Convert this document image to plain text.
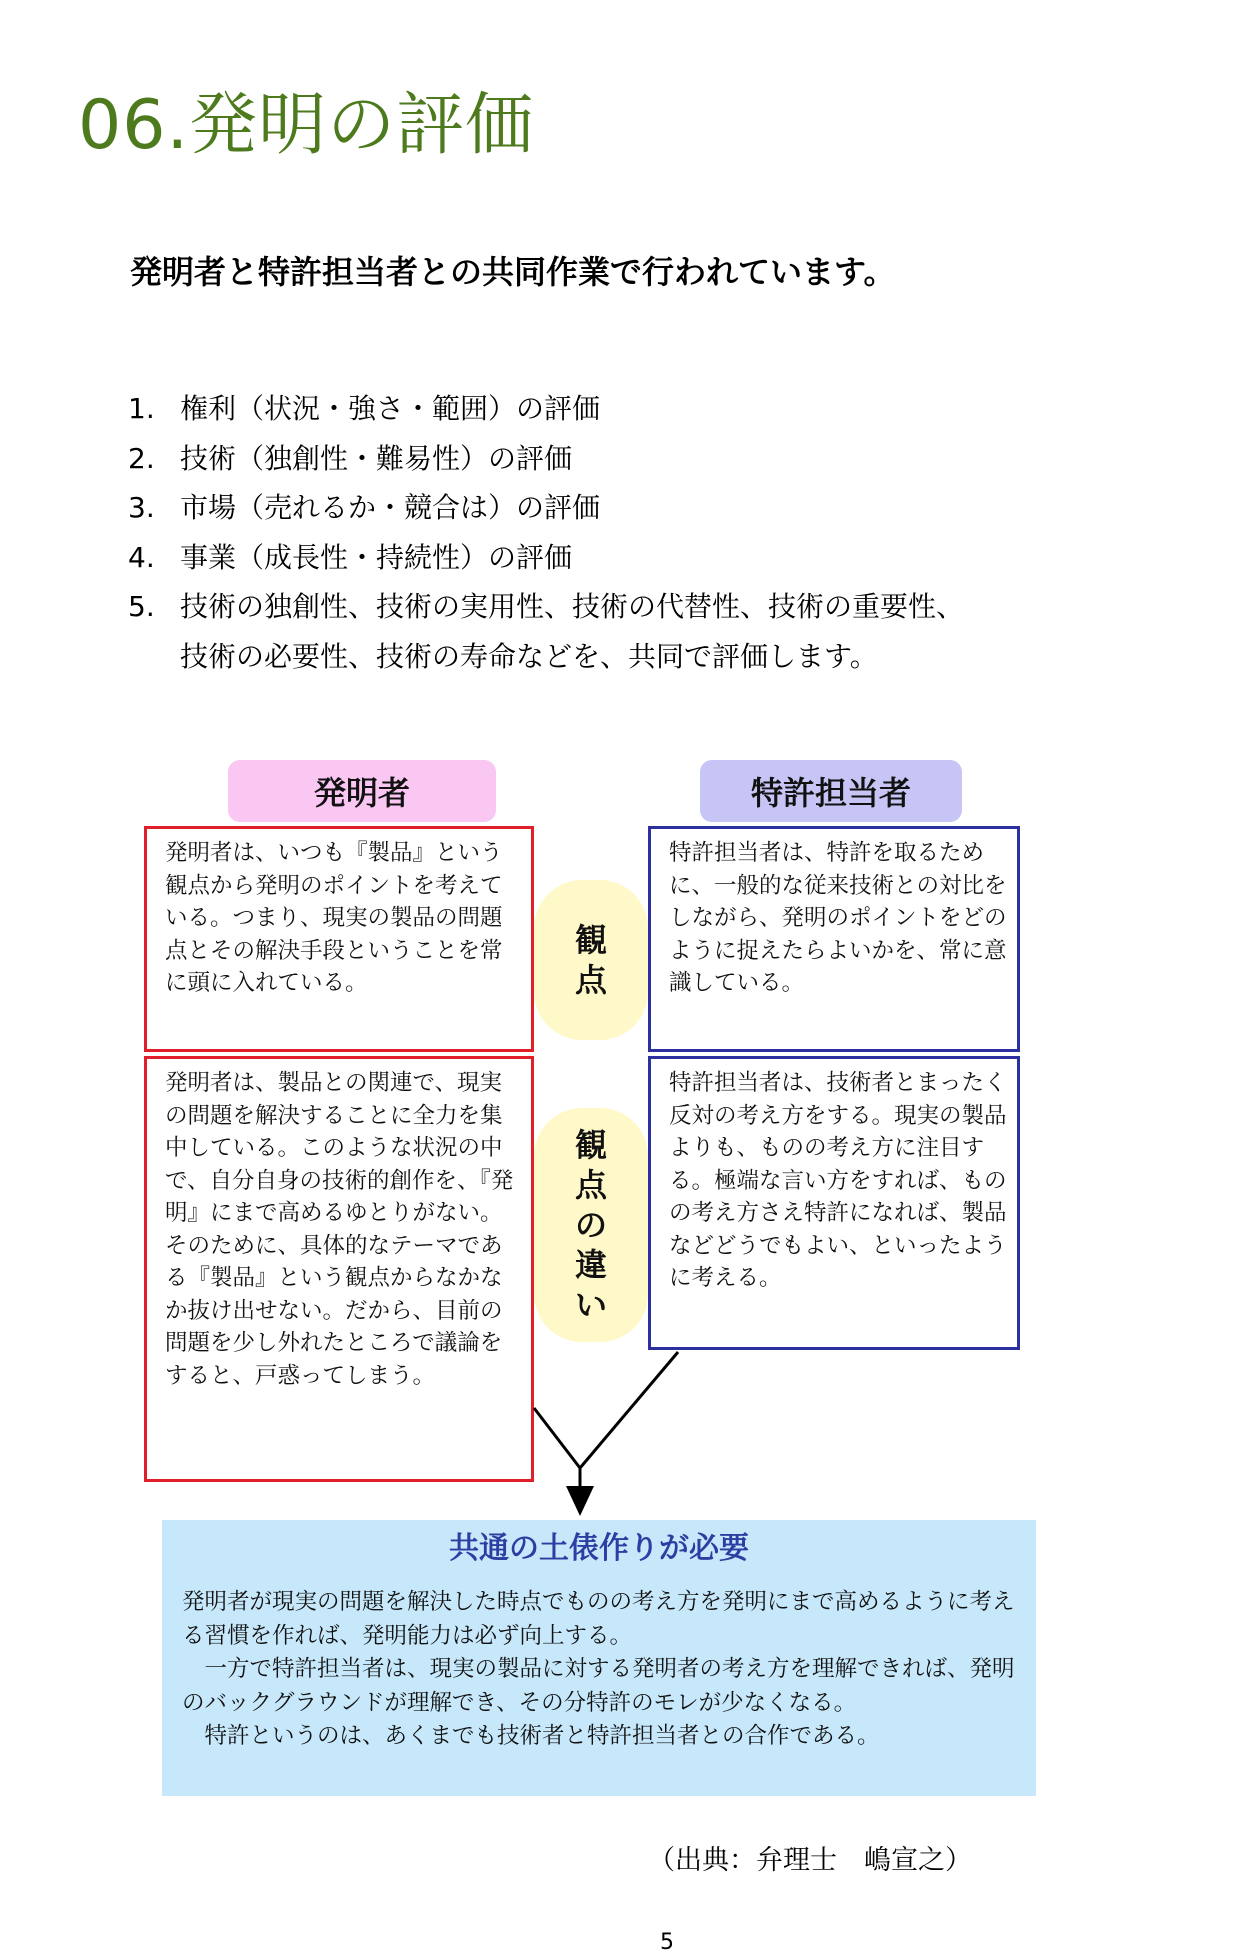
06.発明の評価
発明者と特許担当者との共同作業で行われています。
1. 権利（状況・強さ・範囲）の評価
2. 技術（独創性・難易性）の評価
3. 市場（売れるか・競合は）の評価
4. 事業（成長性・持続性）の評価
5. 技術の独創性、技術の実用性、技術の代替性、技術の重要性、
技術の必要性、技術の寿命などを、共同で評価します。
発明者	特許担当者
発明者は、いつも『製品』という観点から発明のポイントを考えている。つまり、現実の製品の問題点とその解決手段ということを常に頭に入れている。
発明者は、製品との関連で、現実の問題を解決することに全力を集中している。このような状況の中で、自分自身の技術的創作を、『発明』にまで高めるゆとりがない。そのために、具体的なテーマである『製品』という観点からなかなか抜け出せない。だから、目前の問題を少し外れたところで議論をすると、戸惑ってしまう。
特許担当者は、特許を取るために、一般的な従来技術との対比をしながら、発明のポイントをどのように捉えたらよいかを、常に意識している。
特許担当者は、技術者とまったく反対の考え方をする。現実の製品よりも、ものの考え方に注目する。極端な言い方をすれば、ものの考え方さえ特許になれば、製品などどうでもよい、といったように考える。
観
点
観
点
の
違
い
共通の土俵作りが必要
発明者が現実の問題を解決した時点でものの考え方を発明にまで高めるように考える習慣を作れば、発明能力は必ず向上する。
　一方で特許担当者は、現実の製品に対する発明者の考え方を理解できれば、発明のバックグラウンドが理解でき、その分特許のモレが少なくなる。
　特許というのは、あくまでも技術者と特許担当者との合作である。
（出典：弁理士　嶋宣之）
5
